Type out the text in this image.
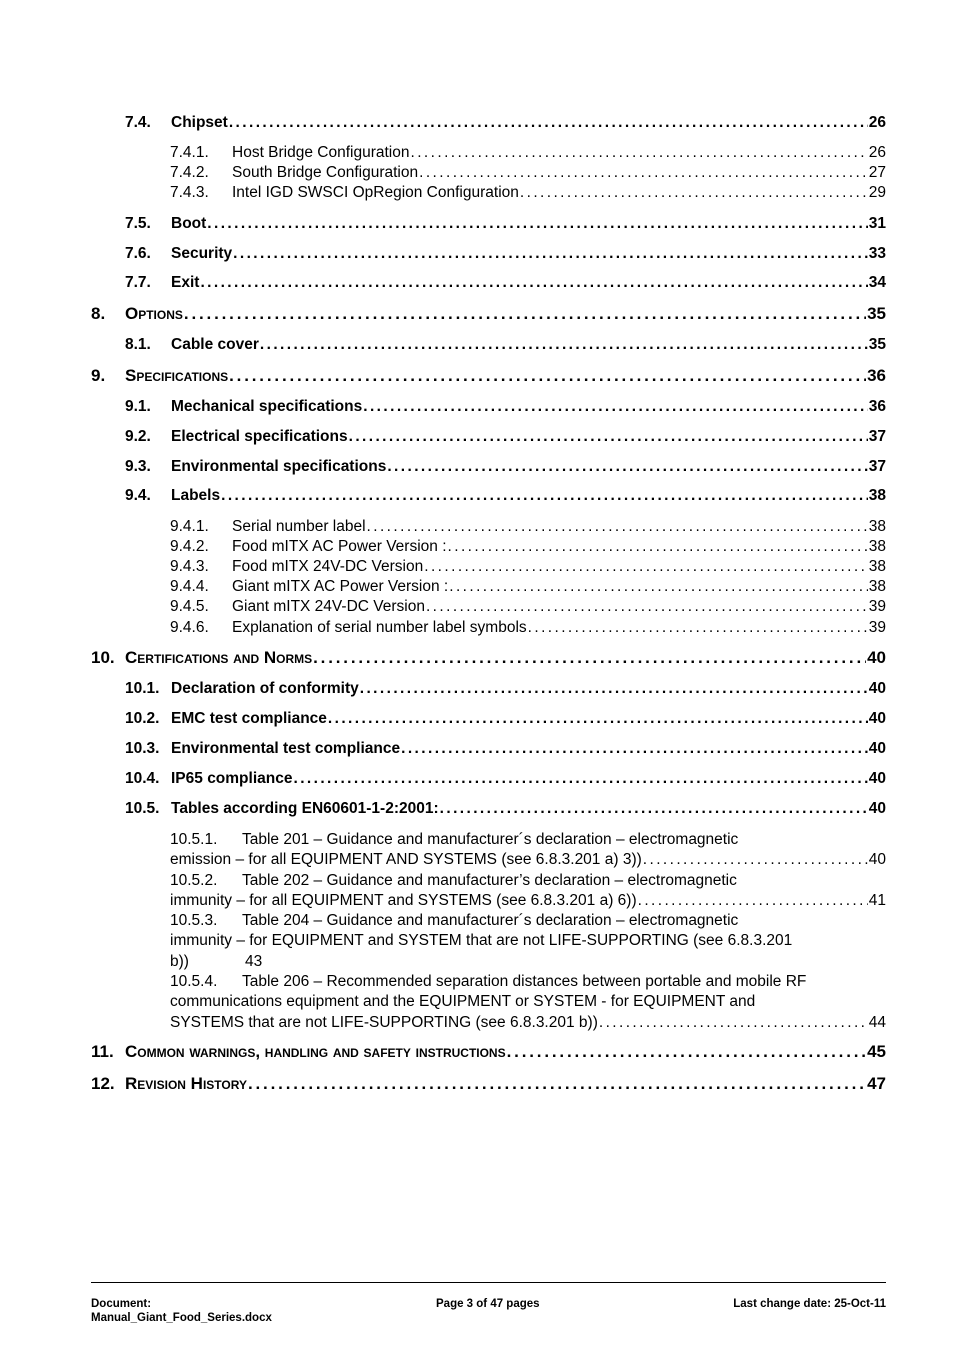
7.4.	Chipset . . .	26
7.4.1.	Host Bridge Configuration . . .	26
7.4.2.	South Bridge Configuration . . .	27
7.4.3.	Intel IGD SWSCI OpRegion Configuration . . .	29
7.5.	Boot . . .	31
7.6.	Security . . .	33
7.7.	Exit . . .	34
8.	Options . . .	35
8.1.	Cable cover . . .	35
9.	Specifications . . .	36
9.1.	Mechanical specifications . . .	36
9.2.	Electrical specifications . . .	37
9.3.	Environmental specifications . . .	37
9.4.	Labels . . .	38
9.4.1.	Serial number label . . .	38
9.4.2.	Food mITX AC Power Version : . . .	38
9.4.3.	Food mITX 24V-DC Version . . .	38
9.4.4.	Giant mITX AC Power Version : . . .	38
9.4.5.	Giant mITX 24V-DC Version . . .	39
9.4.6.	Explanation of serial number label symbols . . .	39
10. Certifications and Norms . . .	40
10.1. Declaration of conformity . . .	40
10.2. EMC test compliance . . .	40
10.3. Environmental test compliance . . .	40
10.4. IP65 compliance . . .	40
10.5. Tables according EN60601-1-2:2001: . . .	40
10.5.1.	Table 201 – Guidance and manufacturer´s declaration – electromagnetic
emission – for all EQUIPMENT AND SYSTEMS (see 6.8.3.201 a) 3)) . . .	40
10.5.2.	Table 202 – Guidance and manufacturer’s declaration – electromagnetic
immunity – for all EQUIPMENT and SYSTEMS (see 6.8.3.201 a) 6)) . . .	41
10.5.3.	Table 204 – Guidance and manufacturer´s declaration – electromagnetic
immunity – for EQUIPMENT and SYSTEM that are not LIFE-SUPPORTING (see 6.8.3.201
b))	43
10.5.4.	Table 206 – Recommended separation distances between portable and mobile RF
communications equipment and the EQUIPMENT or SYSTEM - for EQUIPMENT and
SYSTEMS that are not LIFE-SUPPORTING (see 6.8.3.201 b)) . . .	44
11. Common warnings, handling and safety instructions . . .	45
12. Revision History . . .	47
Document:
Manual_Giant_Food_Series.docx
Page 3 of 47 pages	Last change date: 25-Oct-11
